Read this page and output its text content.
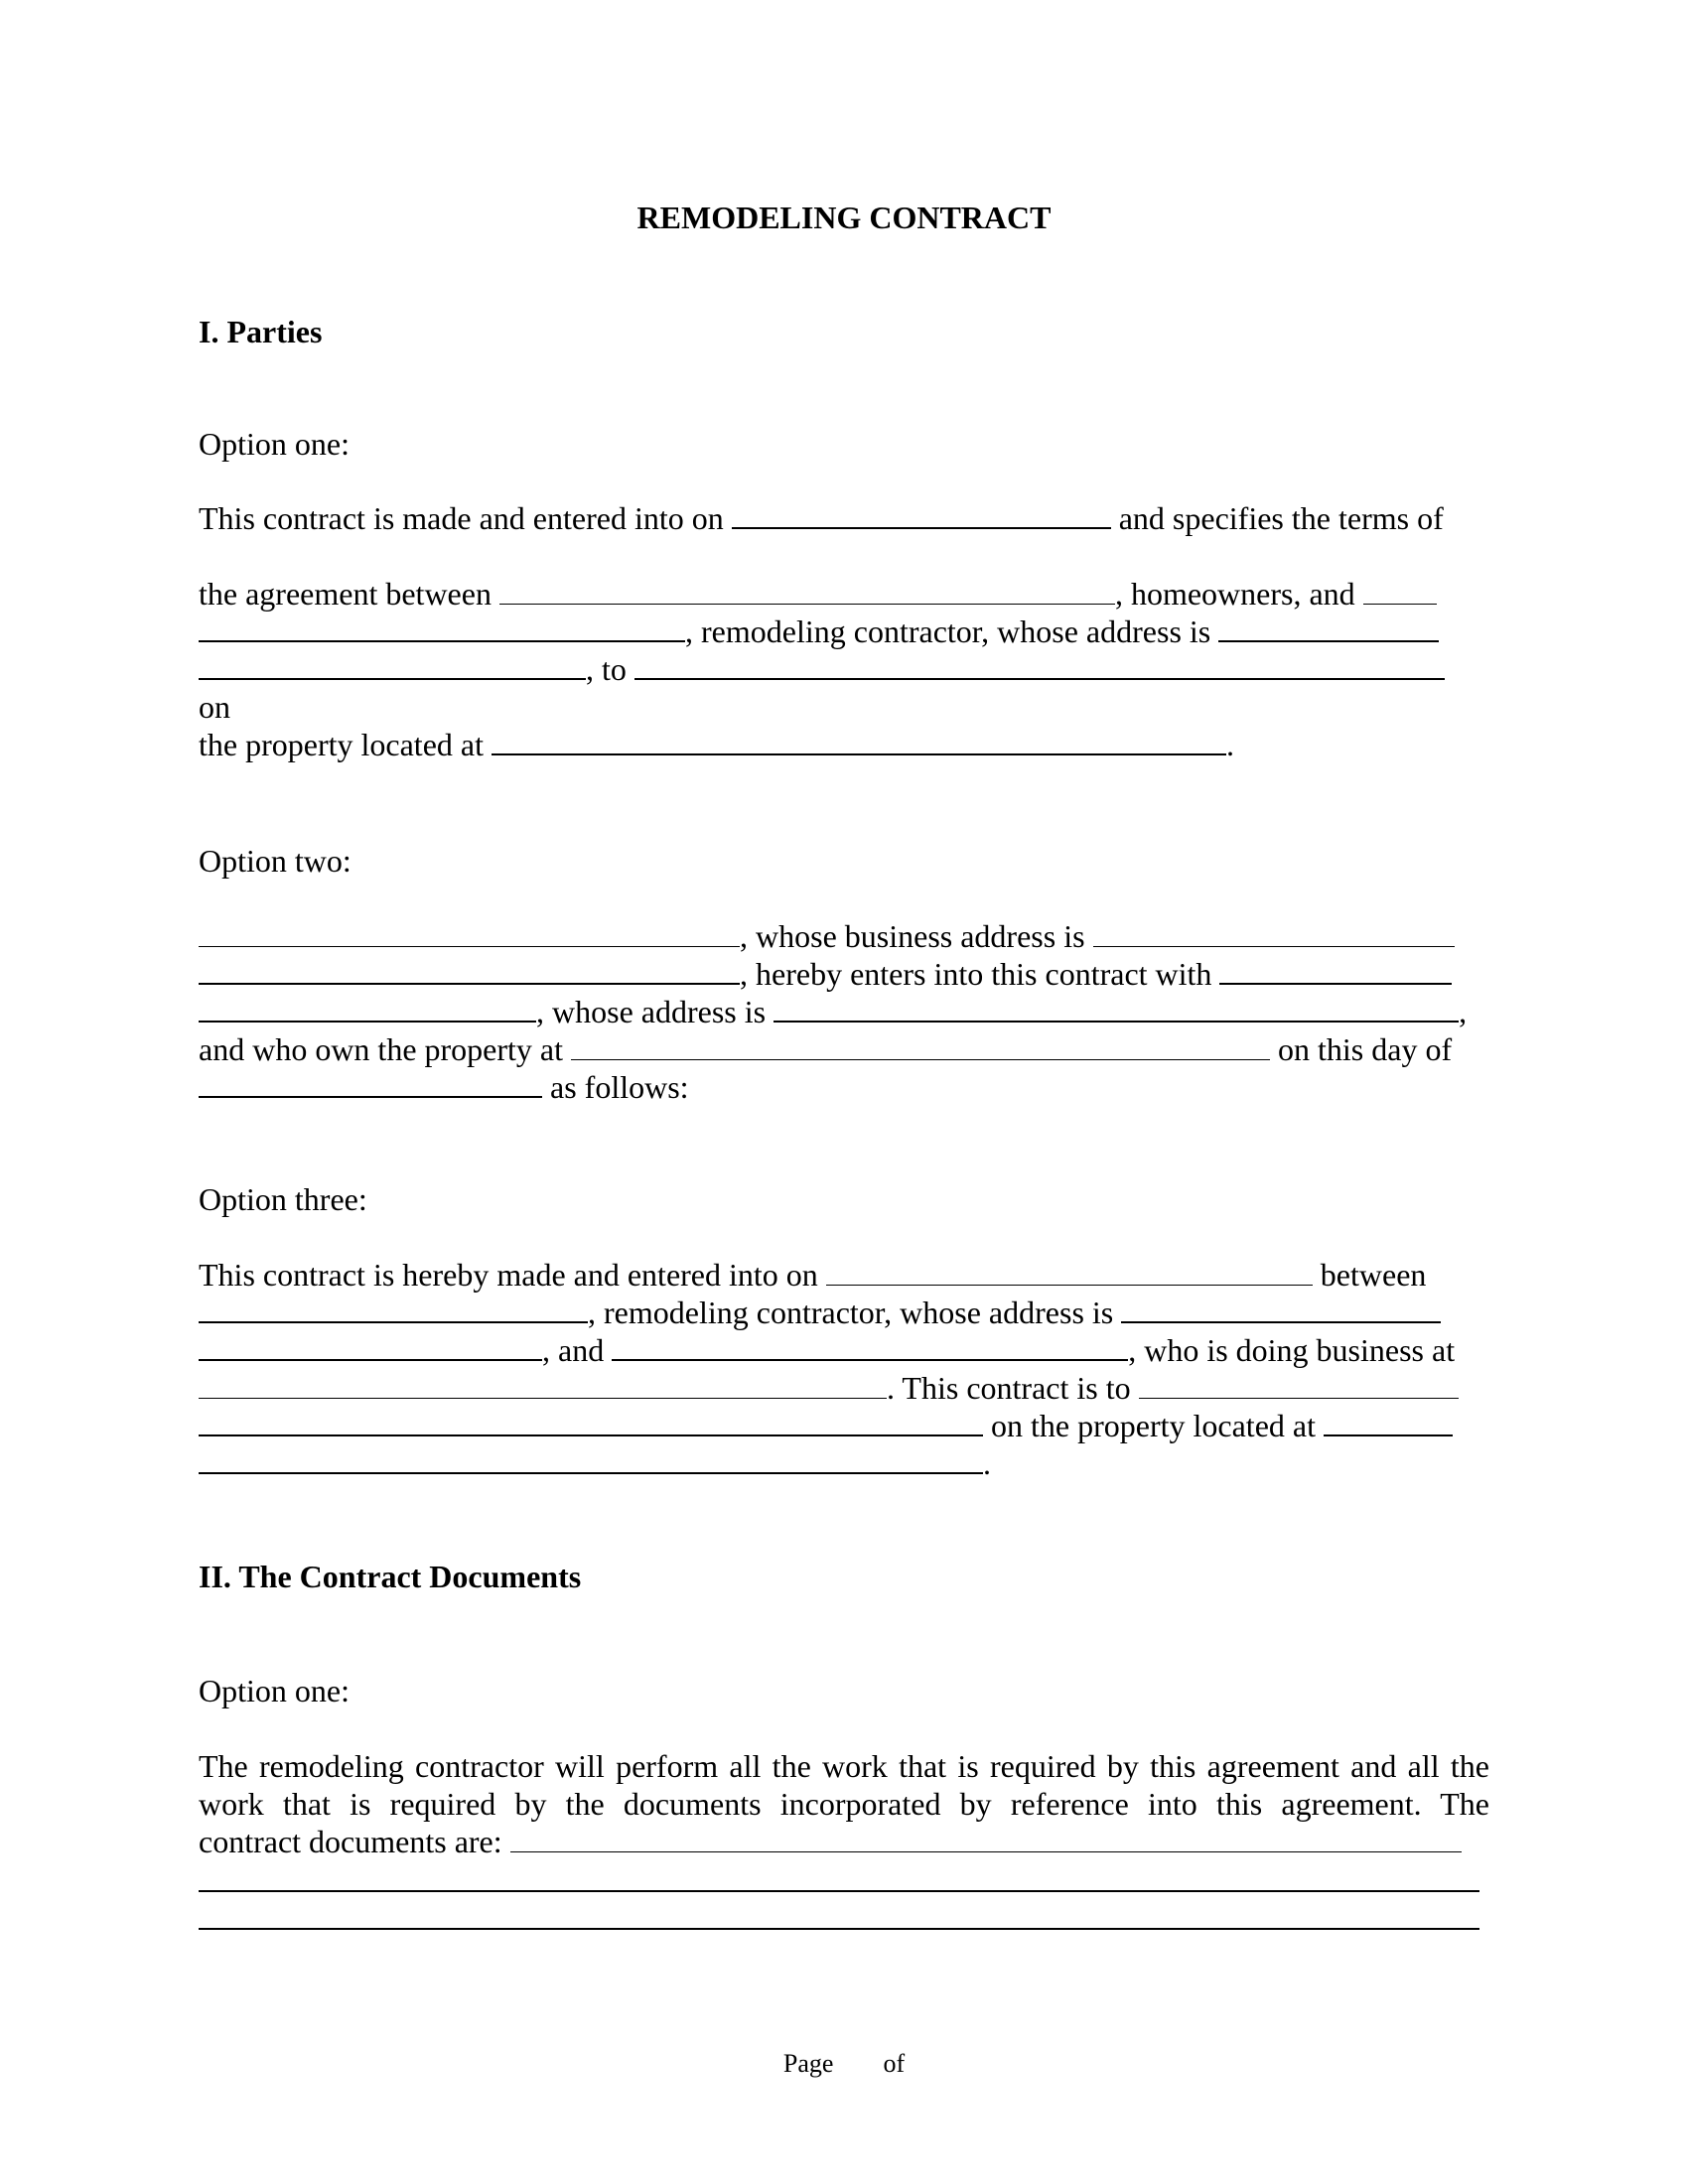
REMODELING CONTRACT
I. Parties
Option one:
This contract is made and entered into on	and specifies the terms of
the agreement between	, homeowners, and
, remodeling contractor, whose address is
, to
on
the property located at	.
Option two:
, whose business address is
, hereby enters into this contract with
, whose address is	,
and who own the property at	on this day of
as follows:
Option three:
This contract is hereby made and entered into on	between
, remodeling contractor, whose address is
, and	, who is doing business at
. This contract is to
on the property located at
.
II. The Contract Documents
Option one:
The remodeling contractor will perform all the work that is required by this agreement and all the
work that is required by the documents incorporated by reference into this agreement. The
contract documents are:
Page of
